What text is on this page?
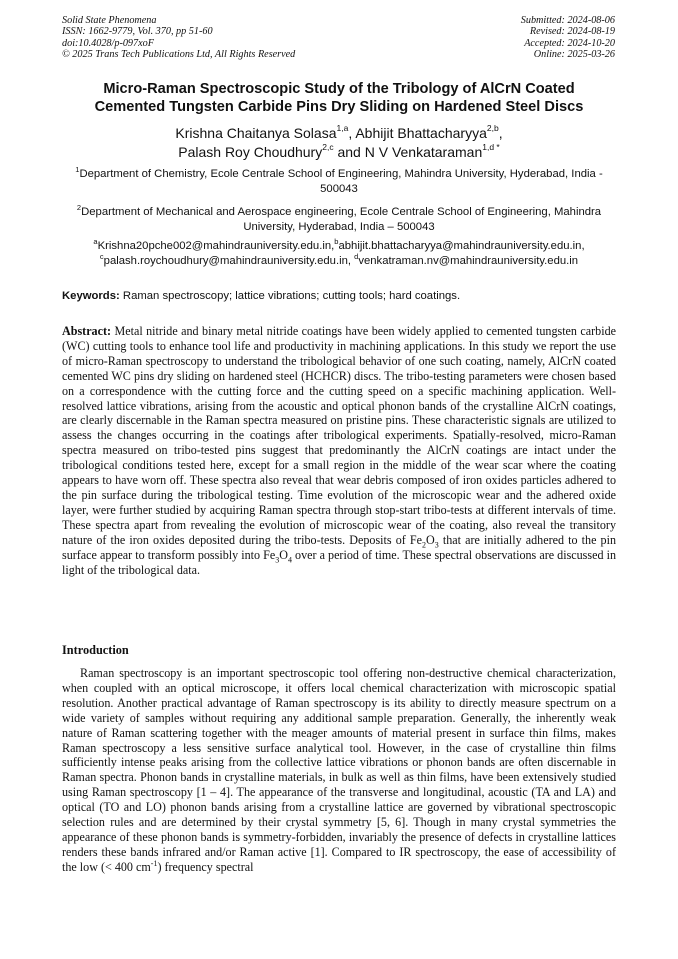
Solid State Phenomena
ISSN: 1662-9779, Vol. 370, pp 51-60
doi:10.4028/p-097xoF
© 2025 Trans Tech Publications Ltd, All Rights Reserved
Submitted: 2024-08-06
Revised: 2024-08-19
Accepted: 2024-10-20
Online: 2025-03-26
Micro-Raman Spectroscopic Study of the Tribology of AlCrN Coated
Cemented Tungsten Carbide Pins Dry Sliding on Hardened Steel Discs
Krishna Chaitanya Solasa$^{1,a}$, Abhijit Bhattacharyya$^{2,b}$,
Palash Roy Choudhury$^{2,c}$ and N V Venkataraman$^{1,d *}$
$^1$Department of Chemistry, Ecole Centrale School of Engineering, Mahindra University, Hyderabad, India - 500043
$^2$Department of Mechanical and Aerospace engineering, Ecole Centrale School of Engineering, Mahindra University, Hyderabad, India – 500043
$^a$Krishna20pche002@mahindrauniversity.edu.in,$^b$abhijit.bhattacharyya@mahindrauniversity.edu.in,
$^c$palash.roychoudhury@mahindrauniversity.edu.in, $^d$venkatraman.nv@mahindrauniversity.edu.in
Keywords: Raman spectroscopy; lattice vibrations; cutting tools; hard coatings.
Abstract: Metal nitride and binary metal nitride coatings have been widely applied to cemented tungsten carbide (WC) cutting tools to enhance tool life and productivity in machining applications. In this study we report the use of micro-Raman spectroscopy to understand the tribological behavior of one such coating, namely, AlCrN coated cemented WC pins dry sliding on hardened steel (HCHCR) discs. The tribo-testing parameters were chosen based on a correspondence with the cutting force and the cutting speed on a specific machining application. Well-resolved lattice vibrations, arising from the acoustic and optical phonon bands of the crystalline AlCrN coatings, are clearly discernable in the Raman spectra measured on pristine pins. These characteristic signals are utilized to assess the changes occurring in the coatings after tribological experiments. Spatially-resolved, micro-Raman spectra measured on tribo-tested pins suggest that predominantly the AlCrN coatings are intact under the tribological conditions tested here, except for a small region in the middle of the wear scar where the coating appears to have worn off. These spectra also reveal that wear debris composed of iron oxides particles adhered to the pin surface during the tribological testing. Time evolution of the microscopic wear and the adhered oxide layer, were further studied by acquiring Raman spectra through stop-start tribo-tests at different intervals of time. These spectra apart from revealing the evolution of microscopic wear of the coating, also reveal the transitory nature of the iron oxides deposited during the tribo-tests. Deposits of $Fe_2O_3$ that are initially adhered to the pin surface appear to transform possibly into $Fe_3O_4$ over a period of time. These spectral observations are discussed in light of the tribological data.
Introduction
Raman spectroscopy is an important spectroscopic tool offering non-destructive chemical characterization, when coupled with an optical microscope, it offers local chemical characterization with microscopic spatial resolution. Another practical advantage of Raman spectroscopy is its ability to directly measure spectrum on a wide variety of samples without requiring any additional sample preparation. Generally, the inherently weak nature of Raman scattering together with the meager amounts of material present in surface thin films, makes Raman spectroscopy a less sensitive surface analytical tool. However, in the case of crystalline thin films sufficiently intense peaks arising from the collective lattice vibrations or phonon bands are often discernable in Raman spectra. Phonon bands in crystalline materials, in bulk as well as thin films, have been extensively studied using Raman spectroscopy [1 – 4]. The appearance of the transverse and longitudinal, acoustic (TA and LA) and optical (TO and LO) phonon bands arising from a crystalline lattice are governed by vibrational spectroscopic selection rules and are determined by their crystal symmetry [5, 6]. Though in many crystal symmetries the appearance of these phonon bands is symmetry-forbidden, invariably the presence of defects in crystalline lattices renders these bands infrared and/or Raman active [1]. Compared to IR spectroscopy, the ease of accessibility of the low (< 400 $cm^{-1}$) frequency spectral
